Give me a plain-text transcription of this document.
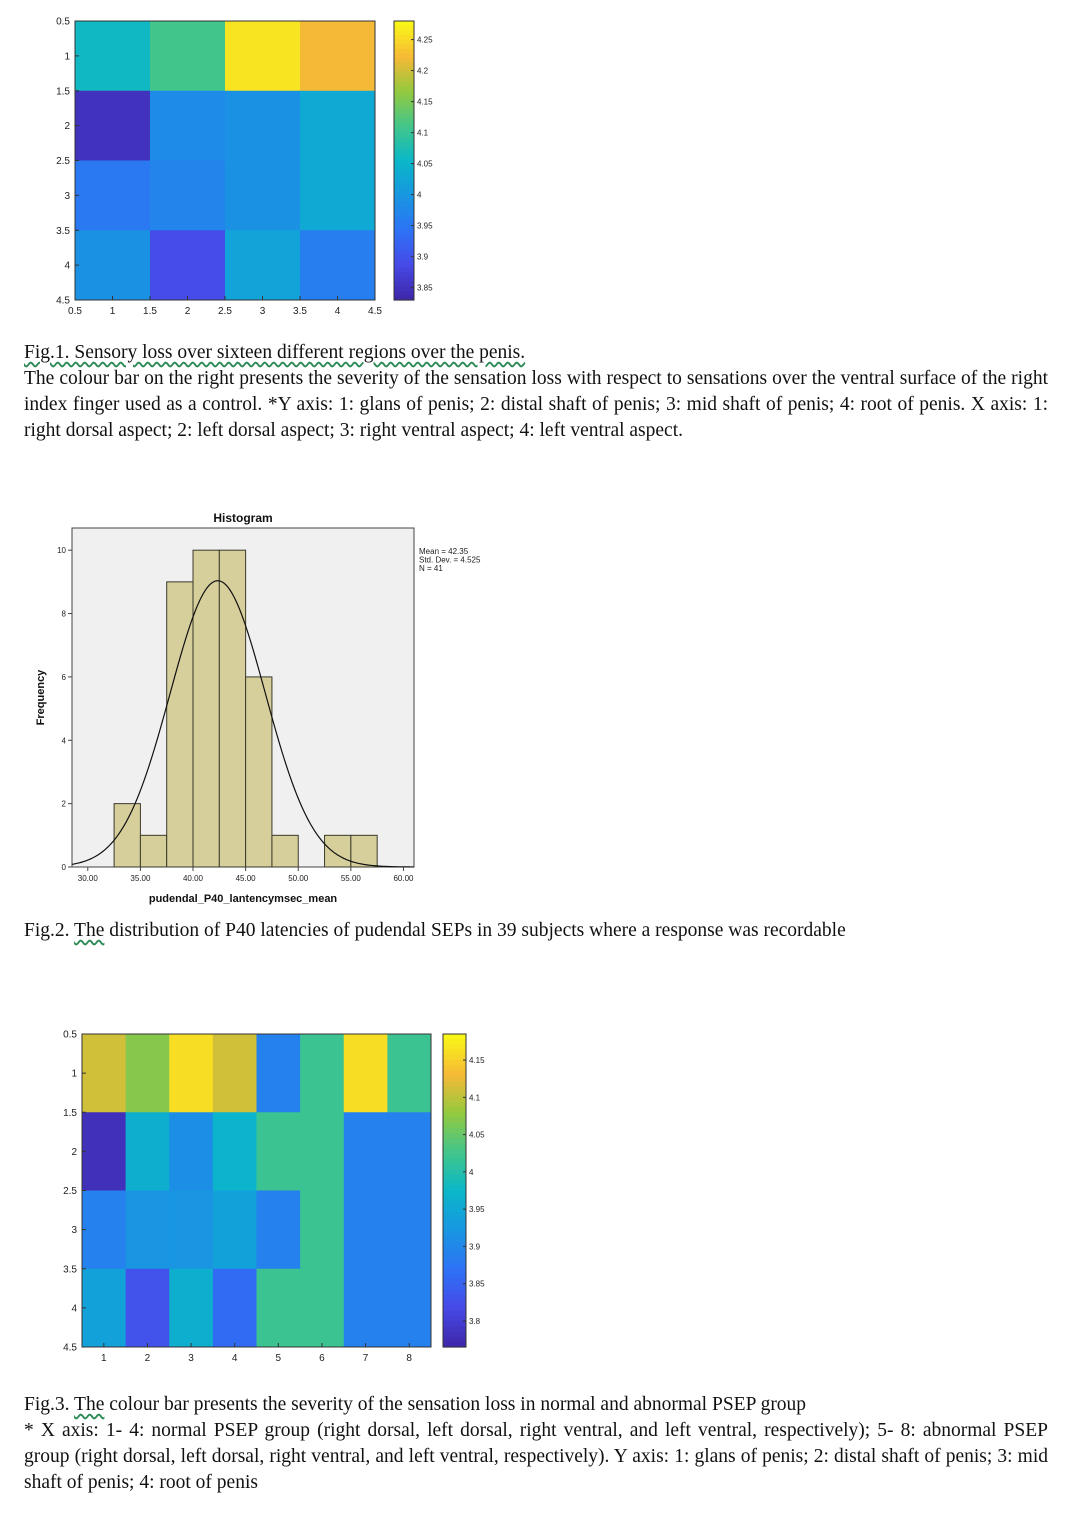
0.5	1	1.5	2	2.5	3	3.5	4	4.5
0.5
1
1.5
2
2.5
3
3.5
4
4.5
4.25
4.2
4.15
4.1
4.05
4
3.95
3.9
3.85
1	2	3	4	5	6	7	8
0.5
1
1.5
2
2.5
3
3.5
4
4.5
4.15
4.1
4.05
4
3.95
3.9
3.85
3.8
Histogram
30.00	35.00	40.00	45.00	50.00	55.00	60.00
0
2
4
6
8
10
pudendal_P40_lantencymsec_mean
Frequency
Mean = 42.35
Std. Dev. = 4.525
N = 41
Fig.1. Sensory loss over sixteen different regions over the penis.
The colour bar on the right presents the severity of the sensation loss with respect to sensations over the ventral surface of the right index finger used as a control. *Y axis: 1: glans of penis; 2: distal shaft of penis; 3: mid shaft of penis; 4: root of penis. X axis: 1: right dorsal aspect; 2: left dorsal aspect; 3: right ventral aspect; 4: left ventral aspect.
Fig.2. The distribution of P40 latencies of pudendal SEPs in 39 subjects where a response was recordable
Fig.3. The colour bar presents the severity of the sensation loss in normal and abnormal PSEP group
* X axis: 1- 4: normal PSEP group (right dorsal, left dorsal, right ventral, and left ventral, respectively); 5- 8: abnormal PSEP group (right dorsal, left dorsal, right ventral, and left ventral, respectively). Y axis: 1: glans of penis; 2: distal shaft of penis; 3: mid shaft of penis; 4: root of penis
